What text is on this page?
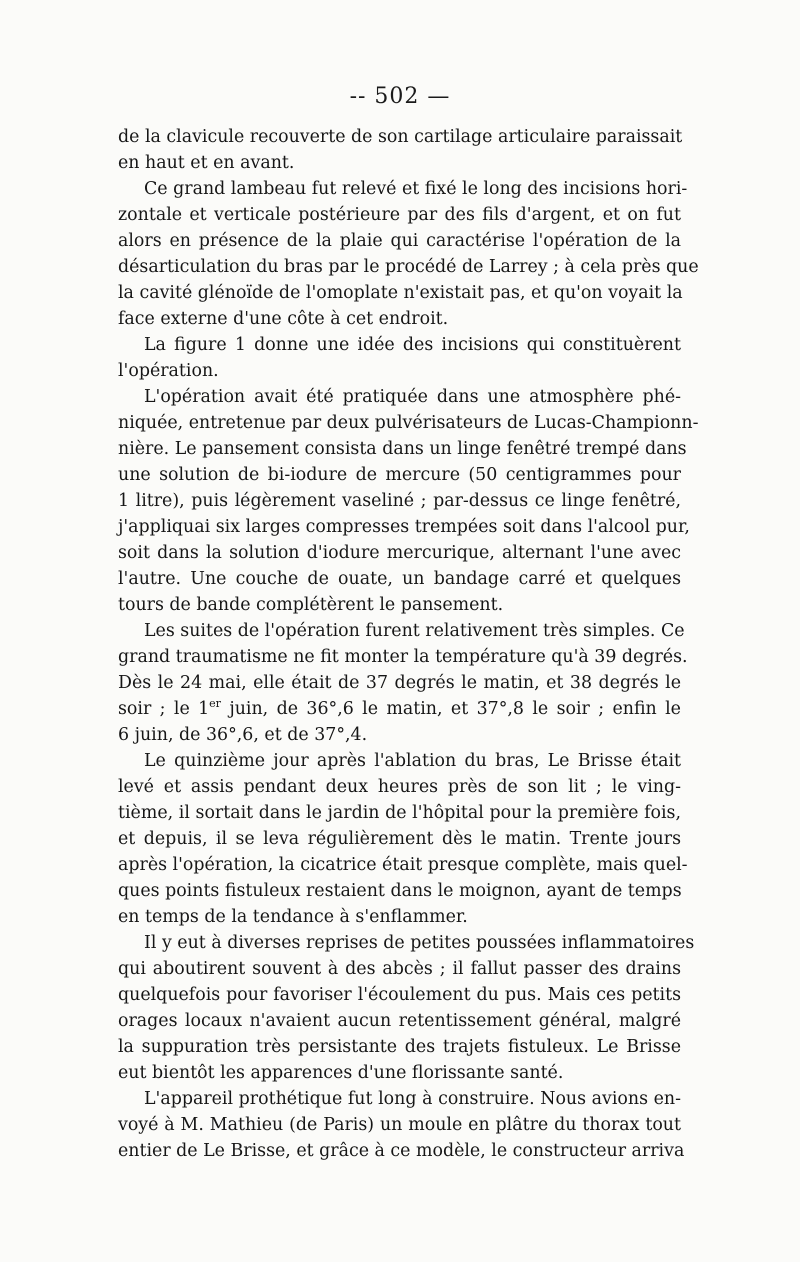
-- 502 —
de la clavicule recouverte de son cartilage articulaire paraissait
en haut et en avant.
Ce grand lambeau fut relevé et fixé le long des incisions hori-
zontale et verticale postérieure par des fils d'argent, et on fut
alors en présence de la plaie qui caractérise l'opération de la
désarticulation du bras par le procédé de Larrey ; à cela près que
la cavité glénoïde de l'omoplate n'existait pas, et qu'on voyait la
face externe d'une côte à cet endroit.
La figure 1 donne une idée des incisions qui constituèrent
l'opération.
L'opération avait été pratiquée dans une atmosphère phé-
niquée, entretenue par deux pulvérisateurs de Lucas-Championn-
nière. Le pansement consista dans un linge fenêtré trempé dans
une solution de bi-iodure de mercure (50 centigrammes pour
1 litre), puis légèrement vaseliné ; par-dessus ce linge fenêtré,
j'appliquai six larges compresses trempées soit dans l'alcool pur,
soit dans la solution d'iodure mercurique, alternant l'une avec
l'autre. Une couche de ouate, un bandage carré et quelques
tours de bande complétèrent le pansement.
Les suites de l'opération furent relativement très simples. Ce
grand traumatisme ne fit monter la température qu'à 39 degrés.
Dès le 24 mai, elle était de 37 degrés le matin, et 38 degrés le
soir ; le 1er juin, de 36°,6 le matin, et 37°,8 le soir ; enfin le
6 juin, de 36°,6, et de 37°,4.
Le quinzième jour après l'ablation du bras, Le Brisse était
levé et assis pendant deux heures près de son lit ; le ving-
tième, il sortait dans le jardin de l'hôpital pour la première fois,
et depuis, il se leva régulièrement dès le matin. Trente jours
après l'opération, la cicatrice était presque complète, mais quel-
ques points fistuleux restaient dans le moignon, ayant de temps
en temps de la tendance à s'enflammer.
Il y eut à diverses reprises de petites poussées inflammatoires
qui aboutirent souvent à des abcès ; il fallut passer des drains
quelquefois pour favoriser l'écoulement du pus. Mais ces petits
orages locaux n'avaient aucun retentissement général, malgré
la suppuration très persistante des trajets fistuleux. Le Brisse
eut bientôt les apparences d'une florissante santé.
L'appareil prothétique fut long à construire. Nous avions en-
voyé à M. Mathieu (de Paris) un moule en plâtre du thorax tout
entier de Le Brisse, et grâce à ce modèle, le constructeur arriva
